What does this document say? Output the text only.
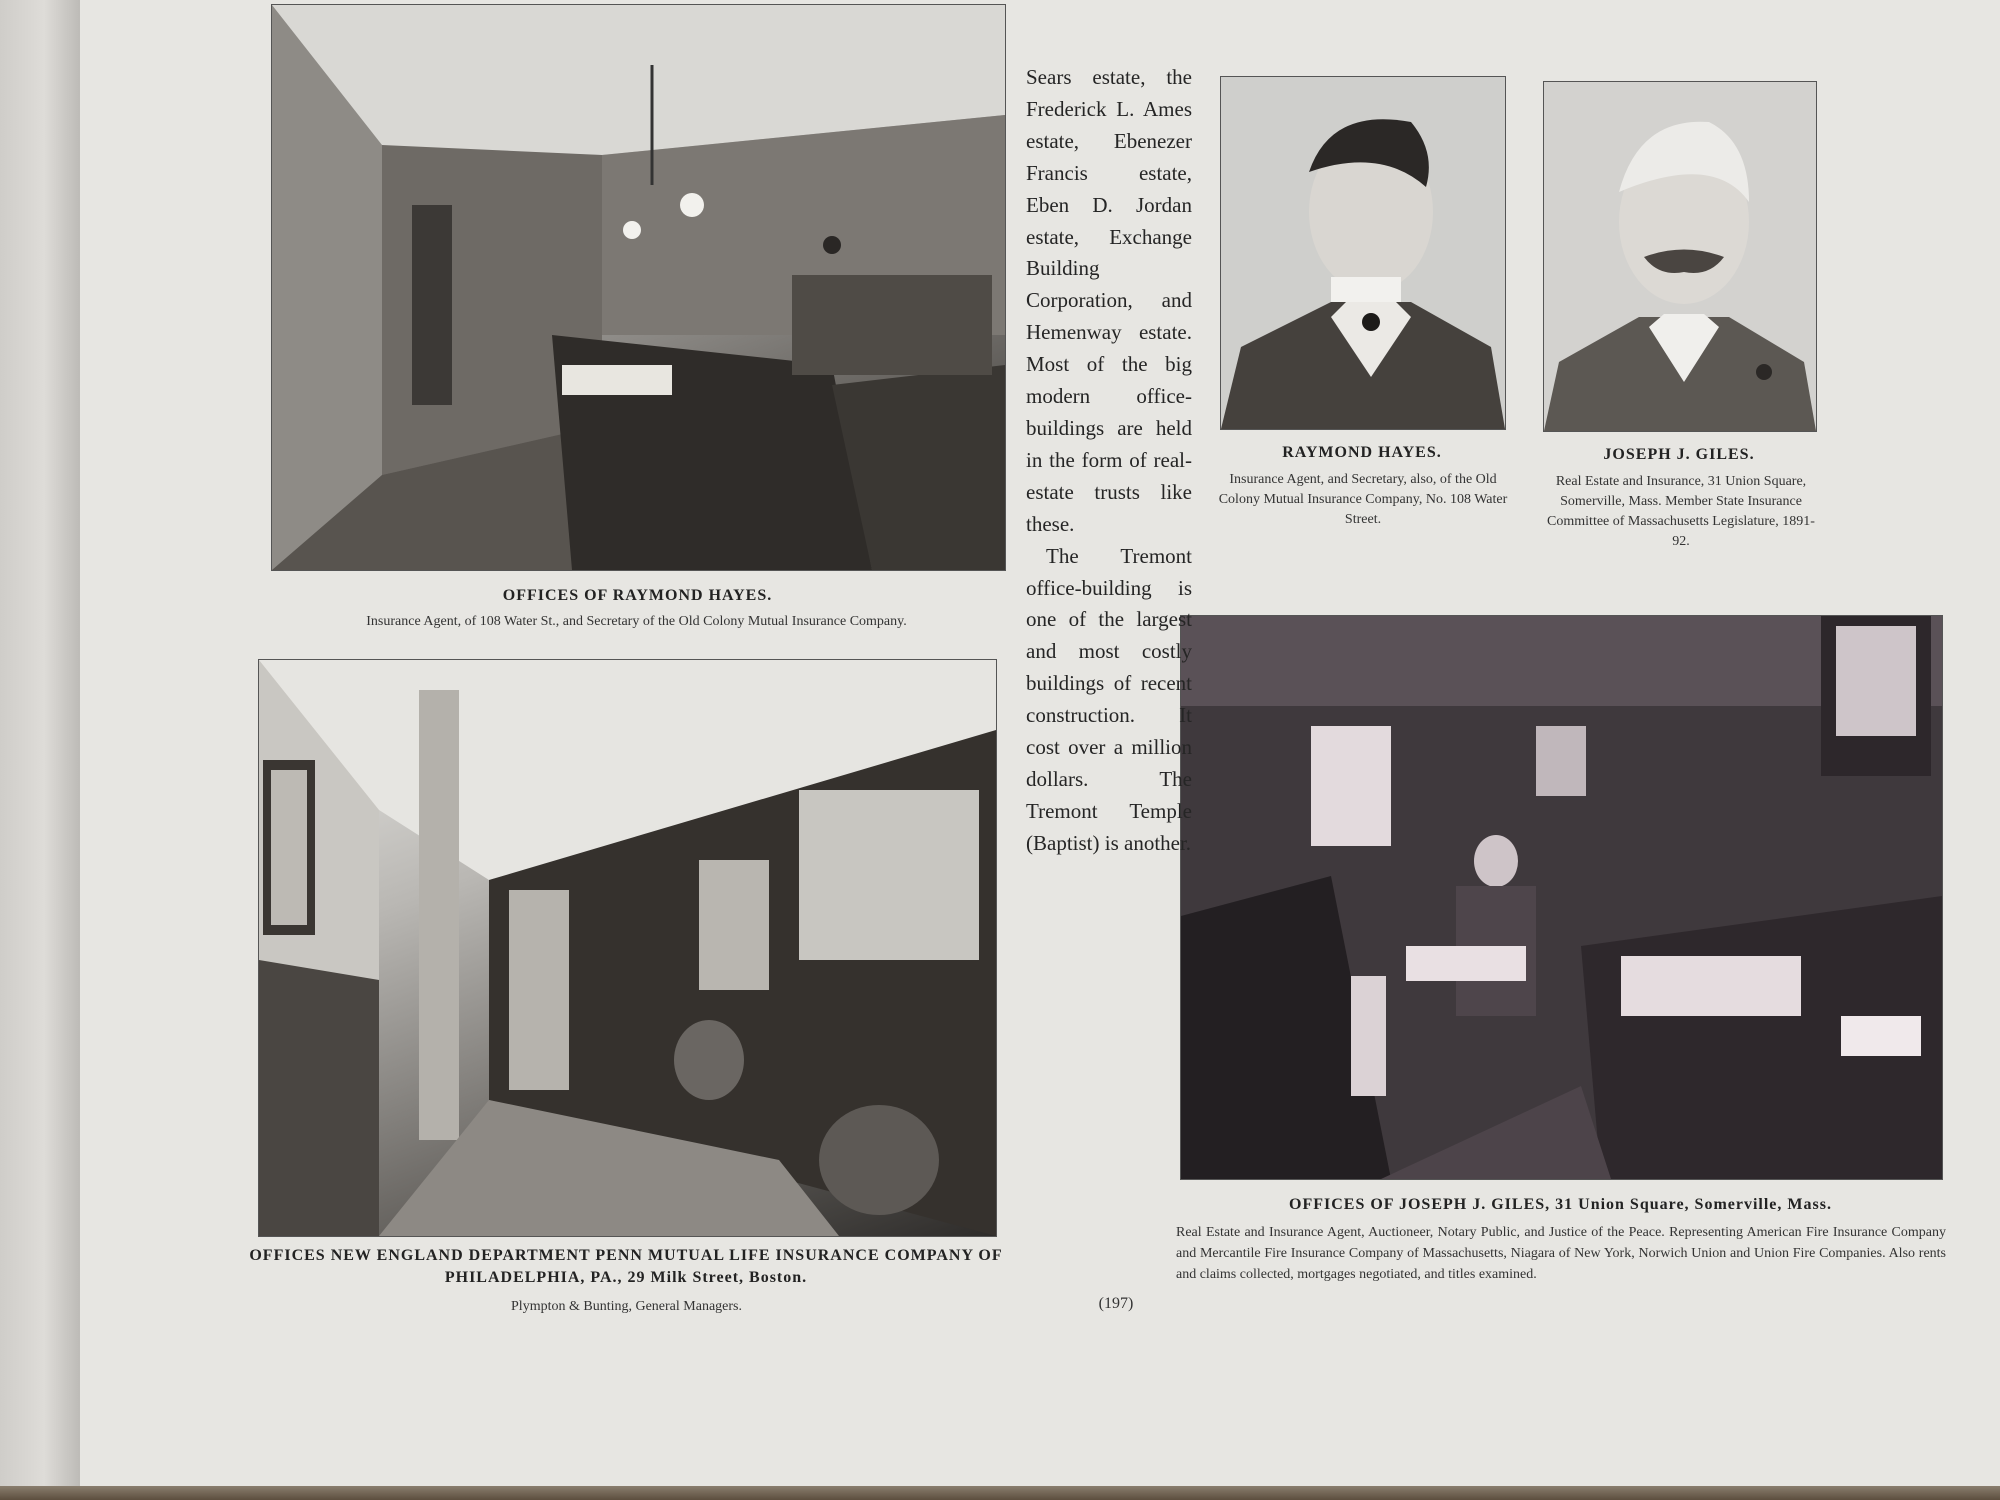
OFFICES OF RAYMOND HAYES.
Insurance Agent, of 108 Water St., and Secretary of the Old Colony Mutual Insurance Company.
OFFICES NEW ENGLAND DEPARTMENT PENN MUTUAL LIFE INSURANCE COMPANY OF PHILADELPHIA, PA., 29 Milk Street, Boston.
Plympton & Bunting, General Managers.
OFFICES OF JOSEPH J. GILES, 31 Union Square, Somerville, Mass.
Real Estate and Insurance Agent, Auctioneer, Notary Public, and Justice of the Peace. Representing American Fire Insurance Company and Mercantile Fire Insurance Company of Massachusetts, Niagara of New York, Norwich Union and Union Fire Companies. Also rents and claims collected, mortgages negotiated, and titles examined.
RAYMOND HAYES.
Insurance Agent, and Secretary, also, of the Old Colony Mutual Insurance Company, No. 108 Water Street.
JOSEPH J. GILES.
Real Estate and Insurance, 31 Union Square, Somerville, Mass. Member State Insurance Committee of Massachusetts Legislature, 1891-92.

Sears estate, the Frederick L. Ames estate, Ebenezer Francis estate, Eben D. Jordan estate, Exchange Building Corporation, and Hemenway estate. Most of the big modern office-buildings are held in the form of real-estate trusts like these.

The Tremont office-building is one of the largest and most costly buildings of recent construction. It cost over a million dollars. The Tremont Temple (Baptist) is another.

(197)
